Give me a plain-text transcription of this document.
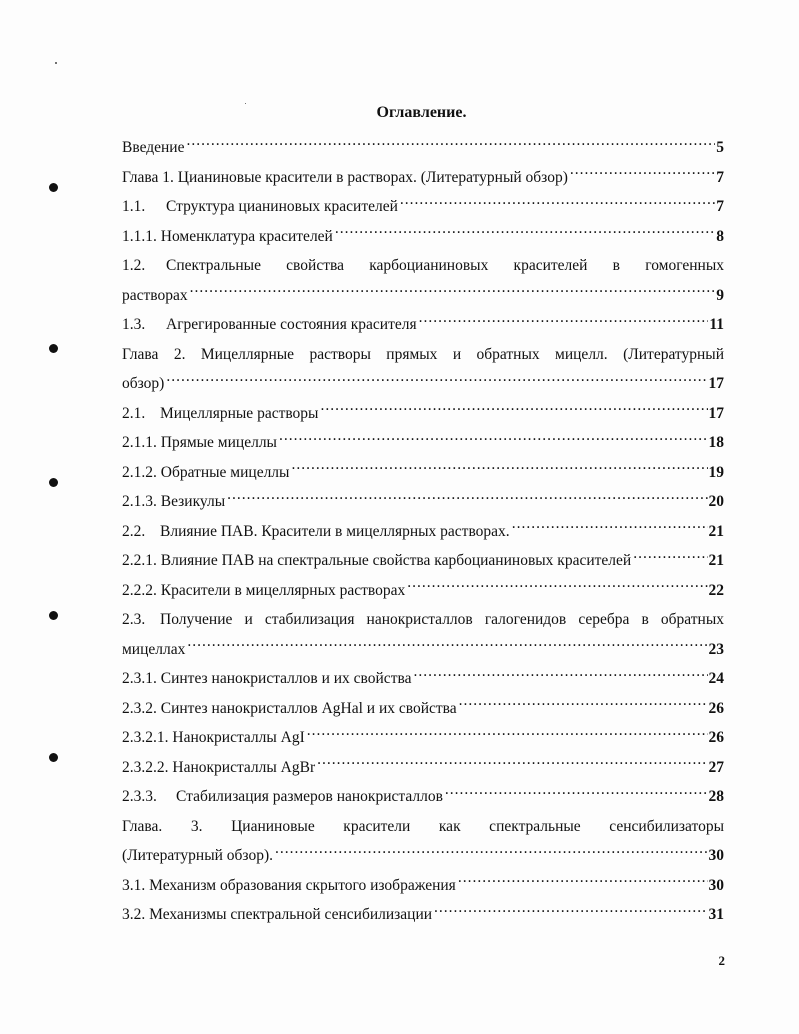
Оглавление.
Введение .....	5
Глава 1. Цианиновые красители в растворах. (Литературный обзор) .....	7
1.1. Структура цианиновых красителей .....	7
1.1.1. Номенклатура красителей .....	8
1.2. Спектральные свойства карбоцианиновых красителей в гомогенных
растворах .....	9
1.3. Агрегированные состояния красителя .....	11
Глава 2. Мицеллярные растворы прямых и обратных мицелл. (Литературный
обзор) .....	17
2.1. Мицеллярные растворы .....	17
2.1.1. Прямые мицеллы .....	18
2.1.2. Обратные мицеллы .....	19
2.1.3. Везикулы .....	20
2.2. Влияние ПАВ. Красители в мицеллярных растворах. .....	21
2.2.1. Влияние ПАВ на спектральные свойства карбоцианиновых красителей .....	21
2.2.2. Красители в мицеллярных растворах .....	22
2.3. Получение и стабилизация нанокристаллов галогенидов серебра в обратных
мицеллах .....	23
2.3.1. Синтез нанокристаллов и их свойства .....	24
2.3.2. Синтез нанокристаллов AgHal и их свойства .....	26
2.3.2.1. Нанокристаллы AgI .....	26
2.3.2.2. Нанокристаллы AgBr .....	27
2.3.3. Стабилизация размеров нанокристаллов .....	28
Глава. 3. Цианиновые красители как спектральные сенсибилизаторы
(Литературный обзор). .....	30
3.1. Механизм образования скрытого изображения .....	30
3.2. Механизмы спектральной сенсибилизации .....	31
2
